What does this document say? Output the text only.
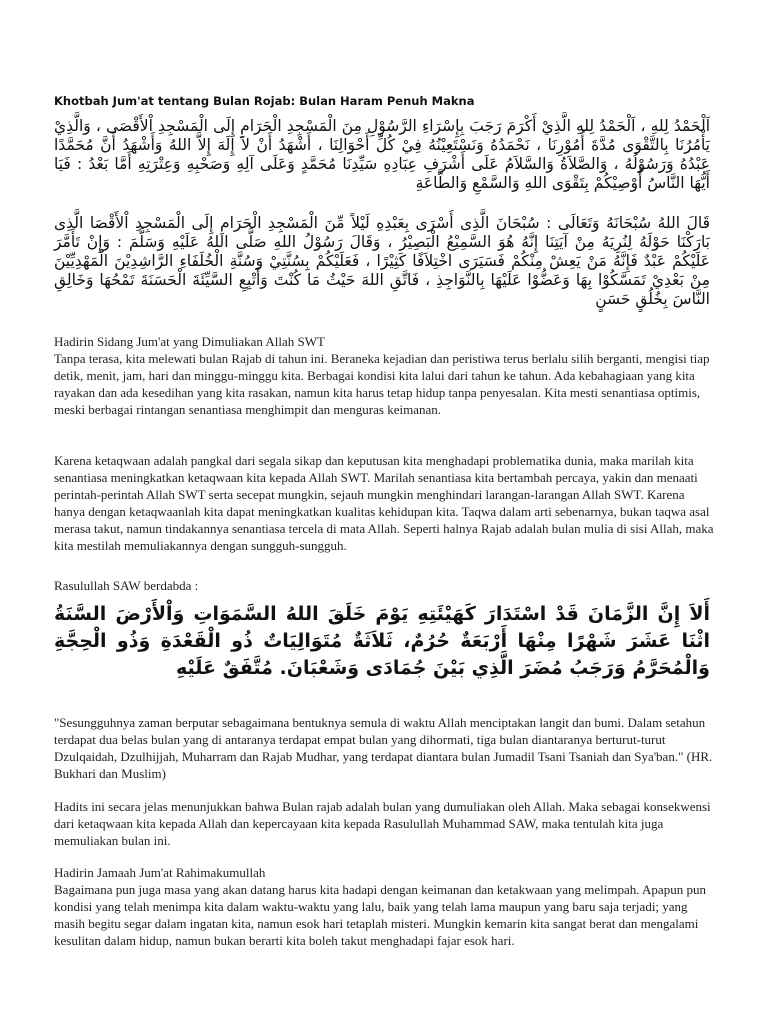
Khotbah Jum'at tentang Bulan Rojab: Bulan Haram Penuh Makna
اَلْحَمْدُ لِلهِ ، اَلْحَمْدُ لِلهِ الَّذِيْ أَكْرَمَ رَجَبَ بِإِسْرَاءِ الرَّسُوْلِ مِنَ الْمَسْجِدِ الْحَرَامِ إِلَى الْمَسْجِدِ اْلأَقْصَى ، وَالَّذِيْ يَأْمُرُنَا بِالتَّقْوَى مُدَّةَ أُمُوْرِنَا ، نَحْمَدُهُ وَنَسْتَعِيْنُهُ فِيْ كُلِّ أَحْوَالِنَا ، أَشْهَدُ أَنْ لاَ إِلَهَ إِلاَّ اللهُ وَأَشْهَدُ أَنَّ مُحَمَّدًا عَبْدُهُ وَرَسُوْلُهُ ، وَالصَّلاَةُ وَالسَّلاَمُ عَلَى أَشْرَفِ عِبَادِهِ سَيِّدِنَا مُحَمَّدٍ وَعَلَى آلِهِ وَصَحْبِهِ وَعِتْرَتِهِ أَمَّا بَعْدُ : فَيَا أَيُّهَا النَّاسُ أُوْصِيْكُمْ بِتَقْوَى اللهِ وَالسَّمْعِ وَالطَّاعَةِ
قَالَ اللهُ سُبْحَانَهُ وَتَعَالَى : سُبْحَانَ الَّذِى أَسْرَى بِعَبْدِهِ لَيْلاً مِّنَ الْمَسْجِدِ الْحَرَامِ إِلَى الْمَسْجِدِ اْلأَقْصَا الَّذِى بَارَكْنَا حَوْلَهُ لِنُرِيَهُ مِنْ آيَتِنَا إِنَّهُ هُوَ السَّمِيْعُ الْبَصِيْرُ ، وَقَالَ رَسُوْلُ اللهِ صَلَّى اللهُ عَلَيْهِ وَسَلَّمَ : وَإِنْ تَأَمَّرَ عَلَيْكُمْ عَبْدٌ فَإِنَّهُ مَنْ يَعِشْ مِنْكُمْ فَسَيَرَى اخْتِلاَفًا كَثِيْرًا ، فَعَلَيْكُمْ بِسُنَّتِيْ وَسُنَّةِ الْخُلَفَاءِ الرَّاشِدِيْنَ الْمَهْدِيِّيْنَ مِنْ بَعْدِيْ تَمَسَّكُوْا بِهَا وَعَضُّوْا عَلَيْهَا بِالنَّوَاجِذِ ، فَاتَّقِ اللهَ حَيْثُ مَا كُنْتَ وَأَتْبِعِ السَّيِّئَةَ الْحَسَنَةَ تَمْحُهَا وَخَالِقِ النَّاسَ بِخُلُقٍ حَسَنٍ
Hadirin Sidang Jum'at yang Dimuliakan Allah SWT
Tanpa terasa, kita melewati bulan Rajab di tahun ini. Beraneka kejadian dan peristiwa terus berlalu silih berganti, mengisi tiap detik, menit, jam, hari dan minggu-minggu kita. Berbagai kondisi kita lalui dari tahun ke tahun. Ada kebahagiaan yang kita rayakan dan ada kesedihan yang kita rasakan, namun kita harus tetap hidup tanpa penyesalan. Kita mesti senantiasa optimis, meski berbagai rintangan senantiasa menghimpit dan menguras keimanan.
Karena ketaqwaan adalah pangkal dari segala sikap dan keputusan kita menghadapi problematika dunia, maka marilah kita senantiasa meningkatkan ketaqwaan kita kepada Allah SWT. Marilah senantiasa kita bertambah percaya, yakin dan menaati perintah-perintah Allah SWT serta secepat mungkin, sejauh mungkin menghindari larangan-larangan Allah SWT. Karena hanya dengan ketaqwaanlah kita dapat meningkatkan kualitas kehidupan kita. Taqwa dalam arti sebenarnya, bukan taqwa asal merasa takut, namun tindakannya senantiasa tercela di mata Allah. Seperti halnya Rajab adalah bulan mulia di sisi Allah, maka kita mestilah memuliakannya dengan sungguh-sungguh.
Rasulullah SAW berdabda :
أَلاَ إِنَّ الزَّمَانَ قَدْ اسْتَدَارَ كَهَيْئَتِهِ يَوْمَ خَلَقَ اللهُ السَّمَوَاتِ وَاْلأَرْضَ السَّنَةُ اثْنَا عَشَرَ شَهْرًا مِنْهَا أَرْبَعَةٌ حُرُمٌ، ثَلاَثَةٌ مُتَوَالِيَاتٌ ذُو الْقَعْدَةِ وَذُو الْحِجَّةِ وَالْمُحَرَّمُ وَرَجَبُ مُضَرَ الَّذِي بَيْنَ جُمَادَى وَشَعْبَانَ. مُتَّفَقٌ عَلَيْهِ
"Sesungguhnya zaman berputar sebagaimana bentuknya semula di waktu Allah menciptakan langit dan bumi. Dalam setahun terdapat dua belas bulan yang di antaranya terdapat empat bulan yang dihormati, tiga bulan diantaranya berturut-turut Dzulqaidah, Dzulhijjah, Muharram dan Rajab Mudhar, yang terdapat diantara bulan Jumadil Tsani Tsaniah dan Sya'ban." (HR. Bukhari dan Muslim)
Hadits ini secara jelas menunjukkan bahwa Bulan rajab adalah bulan yang dumuliakan oleh Allah. Maka sebagai konsekwensi dari ketaqwaan kita kepada Allah dan kepercayaan kita kepada Rasulullah Muhammad SAW, maka tentulah kita juga memuliakan bulan ini.
Hadirin Jamaah Jum'at Rahimakumullah
Bagaimana pun juga masa yang akan datang harus kita hadapi dengan keimanan dan ketakwaan yang melimpah. Apapun pun kondisi yang telah menimpa kita dalam waktu-waktu yang lalu, baik yang telah lama maupun yang baru saja terjadi; yang masih begitu segar dalam ingatan kita, namun esok hari tetaplah misteri. Mungkin kemarin kita sangat berat dan mengalami kesulitan dalam hidup, namun bukan berarti kita boleh takut menghadapi fajar esok hari.
